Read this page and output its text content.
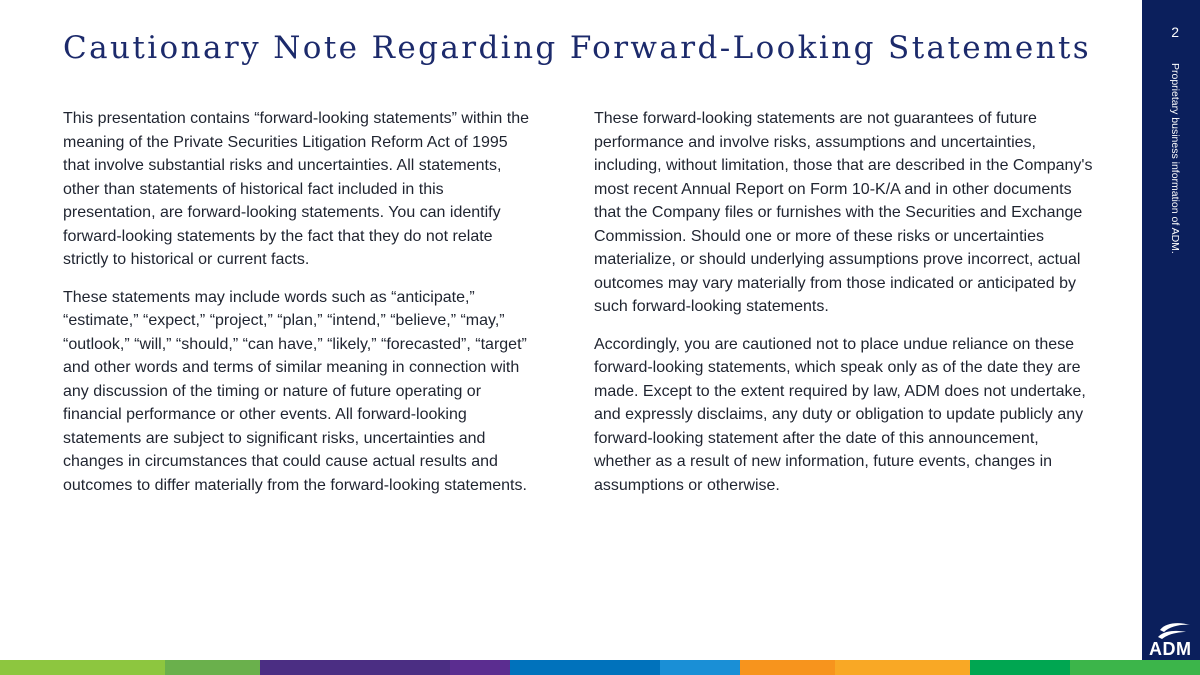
Cautionary Note Regarding Forward-Looking Statements

This presentation contains “forward-looking statements” within the meaning of the Private Securities Litigation Reform Act of 1995 that involve substantial risks and uncertainties. All statements, other than statements of historical fact included in this presentation, are forward-looking statements. You can identify forward-looking statements by the fact that they do not relate strictly to historical or current facts.

These statements may include words such as “anticipate,” “estimate,” “expect,” “project,” “plan,” “intend,” “believe,” “may,” “outlook,” “will,” “should,” “can have,” “likely,” “forecasted”, “target” and other words and terms of similar meaning in connection with any discussion of the timing or nature of future operating or financial performance or other events. All forward-looking statements are subject to significant risks, uncertainties and changes in circumstances that could cause actual results and outcomes to differ materially from the forward-looking statements.

These forward-looking statements are not guarantees of future performance and involve risks, assumptions and uncertainties, including, without limitation, those that are described in the Company's most recent Annual Report on Form 10-K/A and in other documents that the Company files or furnishes with the Securities and Exchange Commission. Should one or more of these risks or uncertainties materialize, or should underlying assumptions prove incorrect, actual outcomes may vary materially from those indicated or anticipated by such forward-looking statements.

Accordingly, you are cautioned not to place undue reliance on these forward-looking statements, which speak only as of the date they are made. Except to the extent required by law, ADM does not undertake, and expressly disclaims, any duty or obligation to update publicly any forward-looking statement after the date of this announcement, whether as a result of new information, future events, changes in assumptions or otherwise.

2
Proprietary business information of ADM.
ADM
